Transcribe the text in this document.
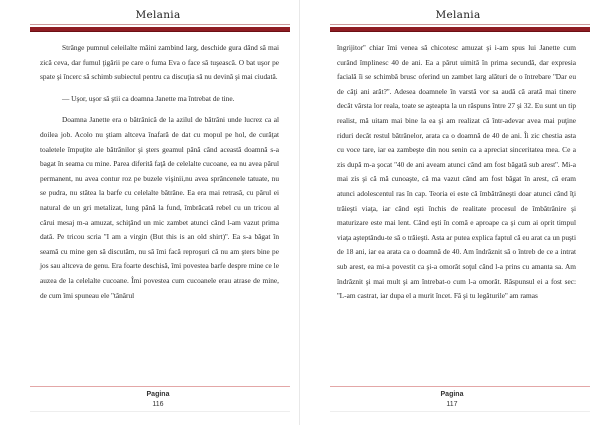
Melania

Strânge pumnul celeilalte mâini zambind larg, deschide gura dând să mai zică ceva, dar fumul ţigării pe care o fuma Eva o face să tuşească. O bat uşor pe spate şi încerc să schimb subiectul pentru ca discuţia să nu devină şi mai ciudată.

— Uşor, uşor să ştii ca doamna Janette ma întrebat de tine.

Doamna Janette era o bătrânică de la azilul de bătrâni unde lucrez ca al doilea job. Acolo nu ştiam altceva înafară de dat cu mopul pe hol, de curăţat toaletele împuţite ale bătrânilor şi şters geamul până când această doamnă s-a bagat în seama cu mine. Parea diferită faţă de celelalte cucoane, ea nu avea părul permanent, nu avea contur roz pe buzele vişinii,nu avea sprâncenele tatuate, nu se pudra, nu stătea la barfe cu celelalte bătrâne. Ea era mai retrasă, cu părul ei natural de un gri metalizat, lung până la fund, îmbrăcată rebel cu un tricou al cărui mesaj m-a amuzat, schiţând un mic zambet atunci când l-am vazut prima dată. Pe tricou scria ''I am a virgin (But this is an old shirt)''. Ea s-a băgat în seamă cu mine gen să discutăm, nu să îmi facă reproşuri că nu am şters bine pe jos sau altceva de genu. Era foarte deschisă, îmi povestea barfe despre mine ce le auzea de la celelalte cucoane. Îmi povestea cum cucoanele erau atrase de mine, de cum îmi spuneau ele ''tânărul

Pagina
116
Melania

îngrijitor'' chiar îmi venea să chicotesc amuzat şi i-am spus lui Janette cum curând împlinesc 40 de ani. Ea a părut uimită în prima secundă, dar expresia facială îi se schimbă brusc oferind un zambet larg alături de o întrebare ''Dar eu de câţi ani arăt?''. Adesea doamnele în varstă vor sa audă că arată mai tinere decât vârsta lor reala, toate se aşteapta la un răspuns între 27 şi 32. Eu sunt un tip realist, mă uitam mai bine la ea şi am realizat că într-adevar avea mai puţine riduri decât restul bătrânelor, arata ca o doamnă de 40 de ani. Îi zic chestia asta cu voce tare, iar ea zambeşte din nou senin ca a apreciat sinceritatea mea. Ce a zis după m-a şocat ''40 de ani aveam atunci când am fost băgată sub arest''. Mi-a mai zis şi că mă cunoaşte, că ma vazut când am fost băgat în arest, că eram atunci adolescentul ras în cap. Teoria ei este că îmbătrâneşti doar atunci când îţi trăieşti viaţa, iar când eşti închis de realitate procesul de îmbătrânire şi maturizare este mai lent. Când eşti în comă e aproape ca şi cum ai oprit timpul viaţa aşteptându-te să o trăieşti. Asta ar putea explica faptul că eu arat ca un puşti de 18 ani, iar ea arata ca o doamnă de 40. Am îndrăznit să o întreb de ce a intrat sub arest, ea mi-a povestit ca şi-a omorât soţul când l-a prins cu amanta sa. Am îndrăznit şi mai mult şi am întrebat-o cum l-a omorât. Răspunsul ei a fost sec: ''L-am castrat, iar dupa el a murit încet. Fă şi tu legăturile'' am ramas

Pagina
117
